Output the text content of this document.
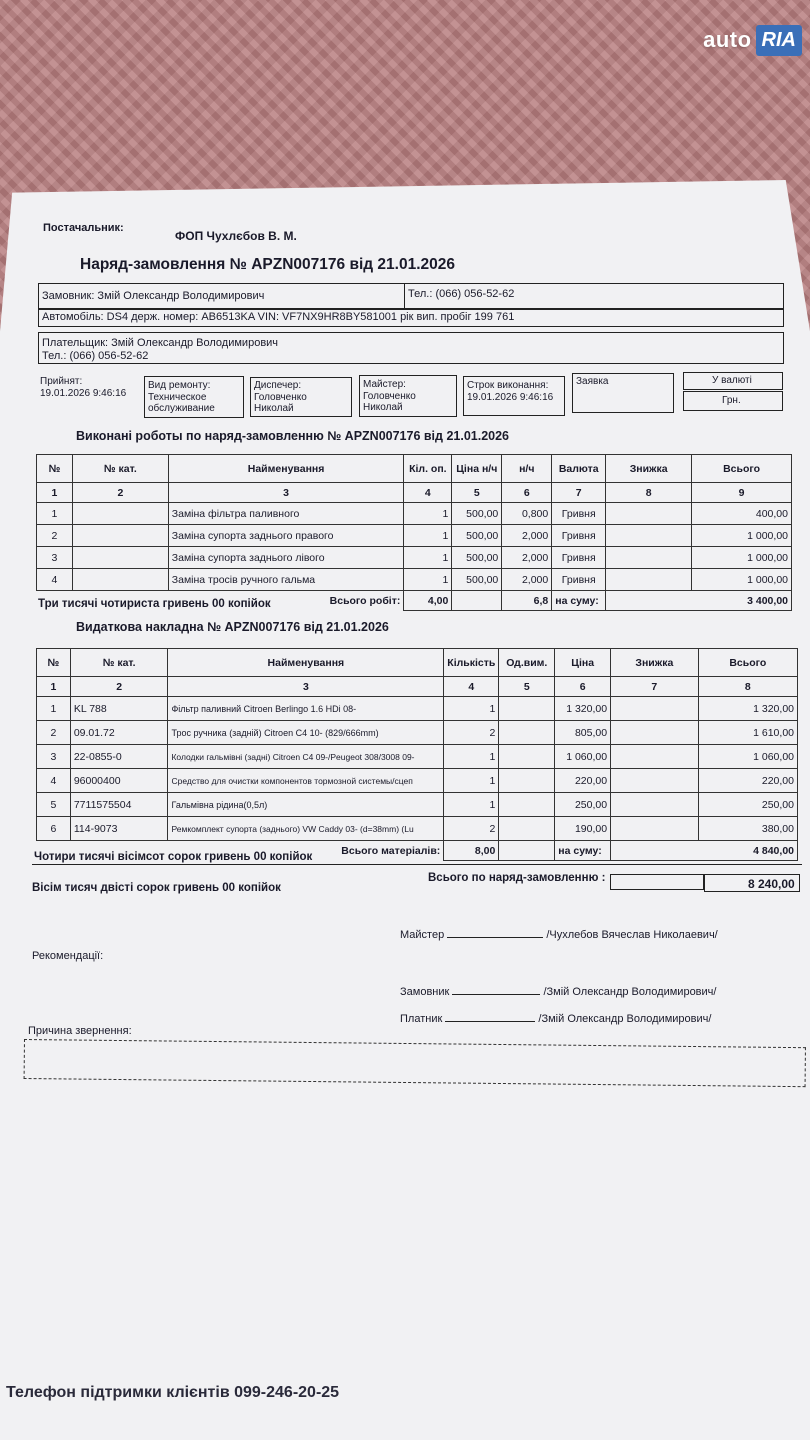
auto RIA
Постачальник:
ФОП Чухлєбов В. М.
Наряд-замовлення № APZN007176 від 21.01.2026
Замовник: Змій Олександр Володимирович	Тел.: (066) 056-52-62
Автомобіль: DS4 держ. номер: AB6513KA VIN: VF7NX9HR8BY581001 рік вип. пробіг 199 761
Плательщик: Змій Олександр Володимирович
Тел.: (066) 056-52-62
Прийнят:
19.01.2026 9:46:16
Вид ремонту:
Техническое обслуживание
Диспечер:
Головченко Николай
Майстер:
Головченко Николай
Строк виконання:
19.01.2026 9:46:16
Заявка	У валюті
Грн.
Виконані роботы по наряд-замовленню № APZN007176 від 21.01.2026
№	№ кат.	Найменування	Кіл. оп.	Ціна н/ч	н/ч	Валюта	Знижка	Всього
1	2	3	4	5	6	7	8	9
1		Заміна фільтра паливного	1	500,00	0,800	Гривня		400,00
2		Заміна супорта заднього правого	1	500,00	2,000	Гривня		1 000,00
3		Заміна супорта заднього лівого	1	500,00	2,000	Гривня		1 000,00
4		Заміна тросів ручного гальма	1	500,00	2,000	Гривня		1 000,00
Всього робіт:			4,00		6,8	на суму:	3 400,00	
Три тисячі чотириста гривень 00 копійок
Видаткова накладна № APZN007176 від 21.01.2026
№	№ кат.	Найменування	Кількість	Од.вим.	Ціна	Знижка	Всього
1	2	3	4	5	6	7	8
1	KL 788	Фільтр паливний Citroen Berlingo 1.6 HDi 08-	1		1 320,00		1 320,00
2	09.01.72	Трос ручника (задній) Citroen C4 10- (829/666mm)	2		805,00		1 610,00
3	22-0855-0	Колодки гальмівні (задні) Citroen C4 09-/Peugeot 308/3008 09-	1		1 060,00		1 060,00
4	96000400	Средство для очистки компонентов тормозной системы/сцеп	1		220,00		220,00
5	7711575504	Гальмівна рідина(0,5л)	1		250,00		250,00
6	114-9073	Ремкомплект супорта (заднього) VW Caddy 03- (d=38mm) (Lu	2		190,00		380,00
Всього матеріалів:			8,00		на суму:	4 840,00	
Чотири тисячі вісімсот сорок гривень 00 копійок
Всього по наряд-замовленню :	8 240,00
Вісім тисяч двісті сорок гривень 00 копійок
Майстер	/Чухлебов Вячеслав Николаевич/
Рекомендації:
Замовник	/Змій Олександр Володимирович/
Платник	/Змій Олександр Володимирович/
Причина звернення:
Телефон підтримки клієнтів 099-246-20-25
